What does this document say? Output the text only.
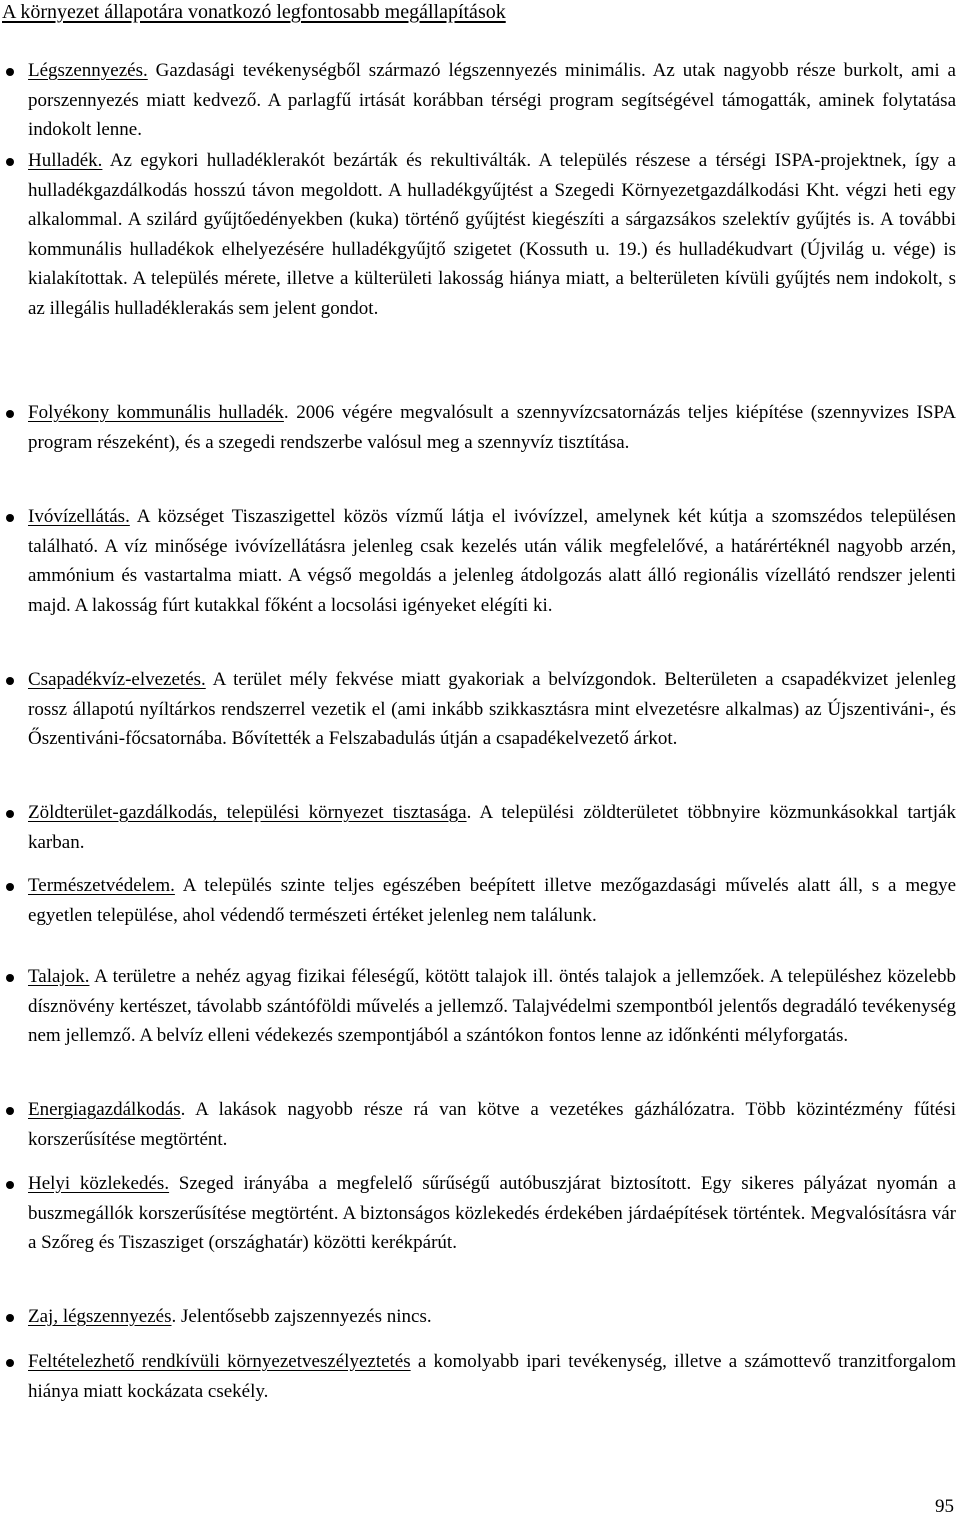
A környezet állapotára vonatkozó legfontosabb megállapítások
Légszennyezés. Gazdasági tevékenységből származó légszennyezés minimális. Az utak nagyobb része burkolt, ami a porszennyezés miatt kedvező. A parlagfű irtását korábban térségi program segítségével támogatták, aminek folytatása indokolt lenne.
Hulladék. Az egykori hulladéklerakót bezárták és rekultiválták. A település részese a térségi ISPA-projektnek, így a hulladékgazdálkodás hosszú távon megoldott. A hulladékgyűjtést a Szegedi Környezetgazdálkodási Kht. végzi heti egy alkalommal. A szilárd gyűjtőedényekben (kuka) történő gyűjtést kiegészíti a sárgazsákos szelektív gyűjtés is. A további kommunális hulladékok elhelyezésére hulladékgyűjtő szigetet (Kossuth u. 19.) és hulladékudvart (Újvilág u. vége) is kialakítottak. A település mérete, illetve a külterületi lakosság hiánya miatt, a belterületen kívüli gyűjtés nem indokolt, s az illegális hulladéklerakás sem jelent gondot.
Folyékony kommunális hulladék. 2006 végére megvalósult a szennyvízcsatornázás teljes kiépítése (szennyvizes ISPA program részeként), és a szegedi rendszerbe valósul meg a szennyvíz tisztítása.
Ivóvízellátás. A községet Tiszaszigettel közös vízmű látja el ivóvízzel, amelynek két kútja a szomszédos településen található. A víz minősége ivóvízellátásra jelenleg csak kezelés után válik megfelelővé, a határértéknél nagyobb arzén, ammónium és vastartalma miatt. A végső megoldás a jelenleg átdolgozás alatt álló regionális vízellátó rendszer jelenti majd. A lakosság fúrt kutakkal főként a locsolási igényeket elégíti ki.
Csapadékvíz-elvezetés. A terület mély fekvése miatt gyakoriak a belvízgondok. Belterületen a csapadékvizet jelenleg rossz állapotú nyíltárkos rendszerrel vezetik el (ami inkább szikkasztásra mint elvezetésre alkalmas) az Újszentiváni-, és Őszentiváni-főcsatornába. Bővítették a Felszabadulás útján a csapadékelvezető árkot.
Zöldterület-gazdálkodás, települési környezet tisztasága. A települési zöldterületet többnyire közmunkásokkal tartják karban.
Természetvédelem. A település szinte teljes egészében beépített illetve mezőgazdasági művelés alatt áll, s a megye egyetlen települése, ahol védendő természeti értéket jelenleg nem találunk.
Talajok. A területre a nehéz agyag fizikai féleségű, kötött talajok ill. öntés talajok a jellemzőek. A településhez közelebb dísznövény kertészet, távolabb szántóföldi művelés a jellemző. Talajvédelmi szempontból jelentős degradáló tevékenység nem jellemző. A belvíz elleni védekezés szempontjából a szántókon fontos lenne az időnkénti mélyforgatás.
Energiagazdálkodás. A lakások nagyobb része rá van kötve a vezetékes gázhálózatra. Több közintézmény fűtési korszerűsítése megtörtént.
Helyi közlekedés. Szeged irányába a megfelelő sűrűségű autóbuszjárat biztosított. Egy sikeres pályázat nyomán a buszmegállók korszerűsítése megtörtént. A biztonságos közlekedés érdekében járdaépítések történtek. Megvalósításra vár a Szőreg és Tiszasziget (országhatár) közötti kerékpárút.
Zaj, légszennyezés. Jelentősebb zajszennyezés nincs.
Feltételezhető rendkívüli környezetveszélyeztetés a komolyabb ipari tevékenység, illetve a számottevő tranzitforgalom hiánya miatt kockázata csekély.
95
